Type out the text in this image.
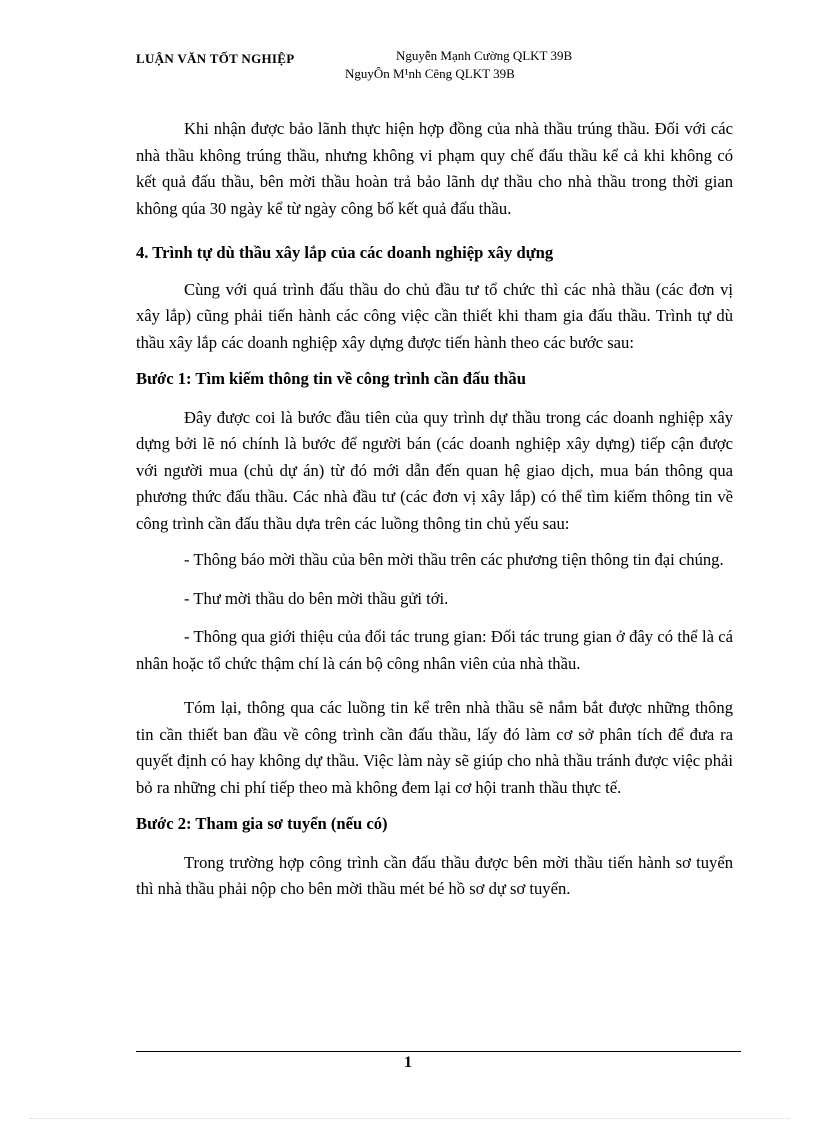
LUẬN VĂN TỐT NGHIỆP	Nguyễn Mạnh Cường QLKT 39B
NguyÔn M¹nh Cêng QLKT 39B

Khi nhận được bảo lãnh thực hiện hợp đồng của nhà thầu trúng thầu. Đối với các nhà thầu không trúng thầu, nhưng không vi phạm quy chế đấu thầu kể cả khi không có kết quả đấu thầu, bên mời thầu hoàn trả bảo lãnh dự thầu cho nhà thầu trong thời gian không qúa 30 ngày kể từ ngày công bố kết quả đấu thầu.

4. Trình tự dù thầu xây lắp của các doanh nghiệp xây dựng

Cùng với quá trình đấu thầu do chủ đầu tư tổ chức thì các nhà thầu (các đơn vị xây lắp) cũng phải tiến hành các công việc cần thiết khi tham gia đấu thầu. Trình tự dù thầu xây lắp các doanh nghiệp xây dựng được tiến hành theo các bước sau:

Bước 1: Tìm kiếm thông tin về công trình cần đấu thầu

Đây được coi là bước đầu tiên của quy trình dự thầu trong các doanh nghiệp xây dựng bởi lẽ nó chính là bước để người bán (các doanh nghiệp xây dựng) tiếp cận được với người mua (chủ dự án) từ đó mới dẫn đến quan hệ giao dịch, mua bán thông qua phương thức đấu thầu. Các nhà đầu tư (các đơn vị xây lắp) có thể tìm kiếm thông tin về công trình cần đấu thầu dựa trên các luồng thông tin chủ yếu sau:

- Thông báo mời thầu của bên mời thầu trên các phương tiện thông tin đại chúng.

- Thư mời thầu do bên mời thầu gửi tới.

- Thông qua giới thiệu của đối tác trung gian: Đối tác trung gian ở đây có thể là cá nhân hoặc tổ chức thậm chí là cán bộ công nhân viên của nhà thầu.

Tóm lại, thông qua các luồng tin kể trên nhà thầu sẽ nắm bắt được những thông tin cần thiết ban đầu về công trình cần đấu thầu, lấy đó làm cơ sở phân tích để đưa ra quyết định có hay không dự thầu. Việc làm này sẽ giúp cho nhà thầu tránh được việc phải bỏ ra những chi phí tiếp theo mà không đem lại cơ hội tranh thầu thực tế.

Bước 2: Tham gia sơ tuyển (nếu có)

Trong trường hợp công trình cần đấu thầu được bên mời thầu tiến hành sơ tuyển thì nhà thầu phải nộp cho bên mời thầu mét bé hồ sơ dự sơ tuyển.

1
